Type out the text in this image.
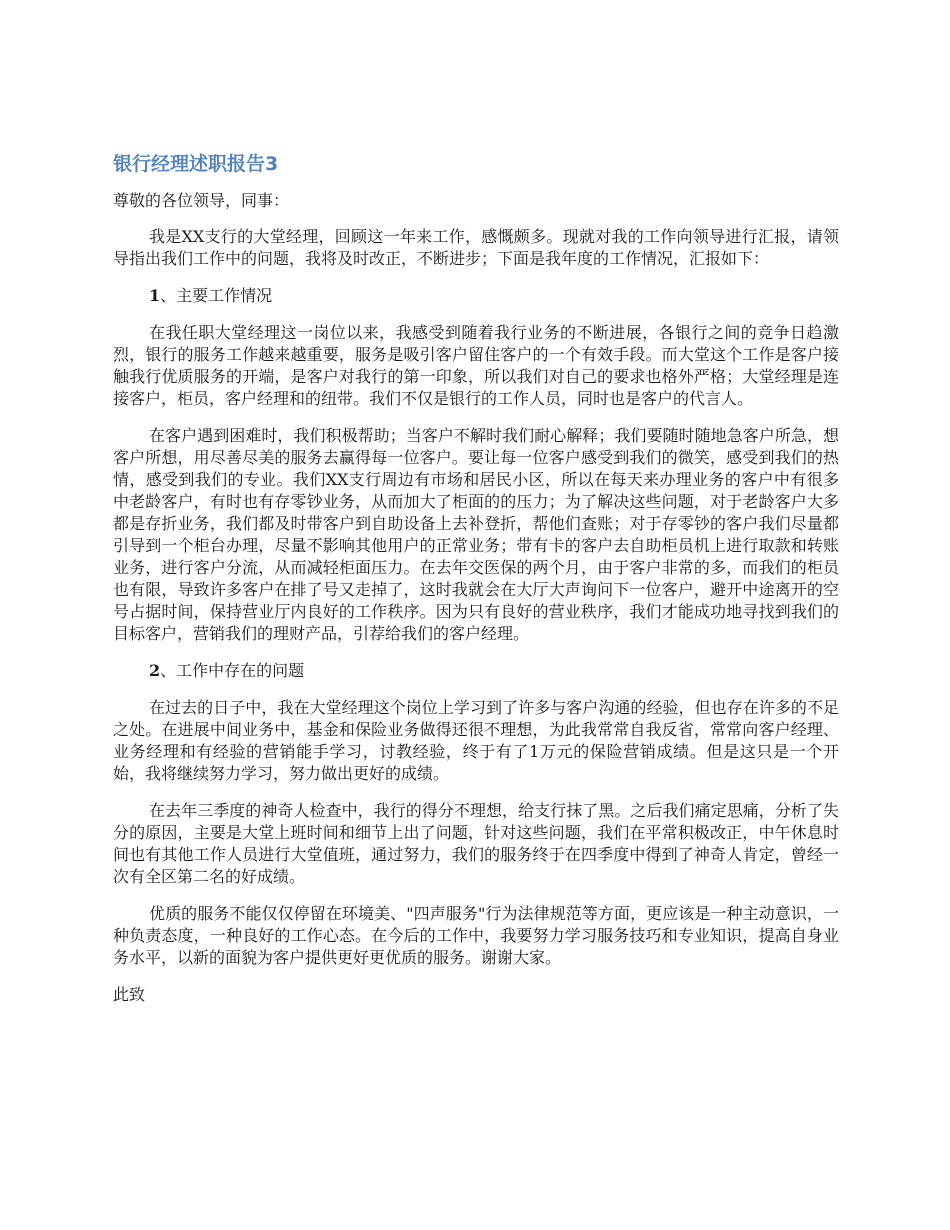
银行经理述职报告3

尊敬的各位领导，同事：

我是XX支行的大堂经理，回顾这一年来工作，感慨颇多。现就对我的工作向领导进行汇报，请领导指出我们工作中的问题，我将及时改正，不断进步；下面是我年度的工作情况，汇报如下：

1、主要工作情况

在我任职大堂经理这一岗位以来，我感受到随着我行业务的不断进展，各银行之间的竞争日趋激烈，银行的服务工作越来越重要，服务是吸引客户留住客户的一个有效手段。而大堂这个工作是客户接触我行优质服务的开端，是客户对我行的第一印象，所以我们对自己的要求也格外严格；大堂经理是连接客户，柜员，客户经理和的纽带。我们不仅是银行的工作人员，同时也是客户的代言人。

在客户遇到困难时，我们积极帮助；当客户不解时我们耐心解释；我们要随时随地急客户所急，想客户所想，用尽善尽美的服务去赢得每一位客户。要让每一位客户感受到我们的微笑，感受到我们的热情，感受到我们的专业。我们XX支行周边有市场和居民小区，所以在每天来办理业务的客户中有很多中老龄客户，有时也有存零钞业务，从而加大了柜面的的压力；为了解决这些问题，对于老龄客户大多都是存折业务，我们都及时带客户到自助设备上去补登折，帮他们查账；对于存零钞的客户我们尽量都引导到一个柜台办理，尽量不影响其他用户的正常业务；带有卡的客户去自助柜员机上进行取款和转账业务，进行客户分流，从而减轻柜面压力。在去年交医保的两个月，由于客户非常的多，而我们的柜员也有限，导致许多客户在排了号又走掉了，这时我就会在大厅大声询问下一位客户，避开中途离开的空号占据时间，保持营业厅内良好的工作秩序。因为只有良好的营业秩序，我们才能成功地寻找到我们的目标客户，营销我们的理财产品，引荐给我们的客户经理。

2、工作中存在的问题

在过去的日子中，我在大堂经理这个岗位上学习到了许多与客户沟通的经验，但也存在许多的不足之处。在进展中间业务中，基金和保险业务做得还很不理想，为此我常常自我反省，常常向客户经理、业务经理和有经验的营销能手学习，讨教经验，终于有了1万元的保险营销成绩。但是这只是一个开始，我将继续努力学习，努力做出更好的成绩。

在去年三季度的神奇人检查中，我行的得分不理想，给支行抹了黑。之后我们痛定思痛，分析了失分的原因，主要是大堂上班时间和细节上出了问题，针对这些问题，我们在平常积极改正，中午休息时间也有其他工作人员进行大堂值班，通过努力，我们的服务终于在四季度中得到了神奇人肯定，曾经一次有全区第二名的好成绩。

优质的服务不能仅仅停留在环境美、"四声服务"行为法律规范等方面，更应该是一种主动意识，一种负责态度，一种良好的工作心态。在今后的工作中，我要努力学习服务技巧和专业知识，提高自身业务水平，以新的面貌为客户提供更好更优质的服务。谢谢大家。

此致
